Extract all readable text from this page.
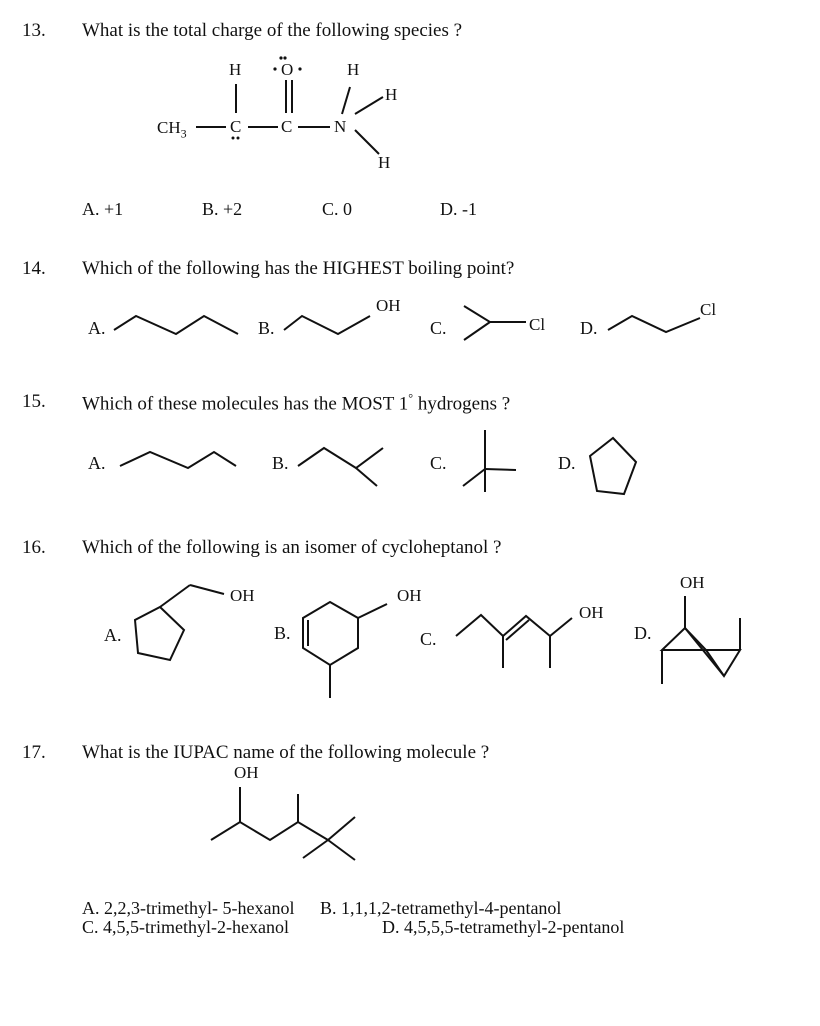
13. What is the total charge of the following species ?
H O	H
H
H
$CH_3$	C C N
A. +1	B. +2	C. 0	D. -1
14. Which of the following has the HIGHEST boiling point?
A.	B.	C.	D.
OH
Cl
Cl
15. Which of these molecules has the MOST 1° hydrogens ?
A.	B.	C.	D.
16. Which of the following is an isomer of cycloheptanol ?
A.	B.	C.	D.
OH	OH
OH
OH
17. What is the IUPAC name of the following molecule ?
OH
A. 2,2,3-trimethyl- 5-hexanol B. 1,1,1,2-tetramethyl-4-pentanol
C. 4,5,5-trimethyl-2-hexanol	D. 4,5,5,5-tetramethyl-2-pentanol
